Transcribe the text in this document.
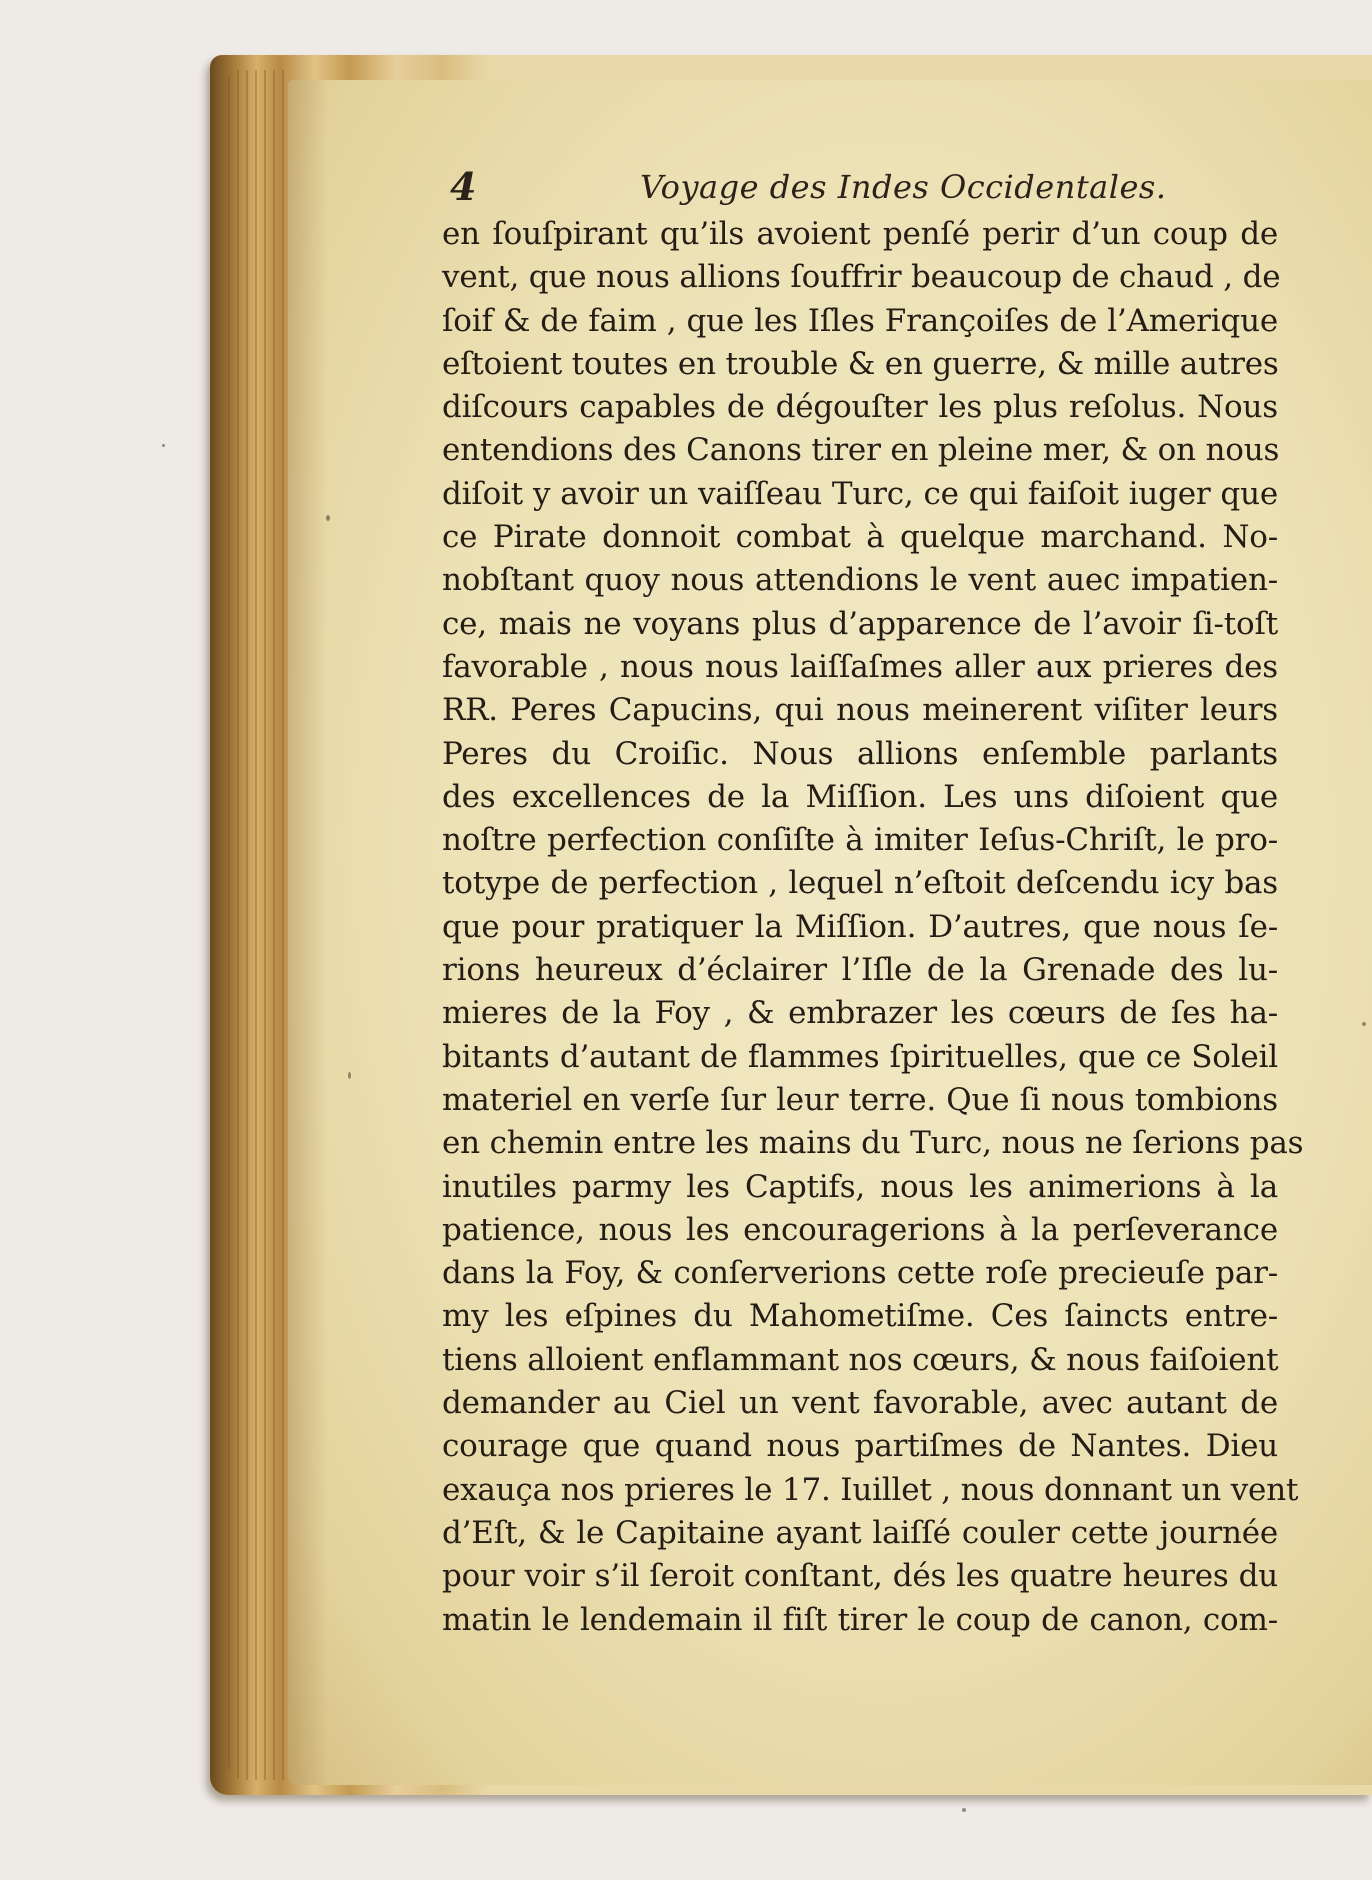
4	Voyage des Indes Occidentales.
en ſouſpirant qu’ils avoient penſé perir d’un coup de
vent, que nous allions ſouffrir beaucoup de chaud , de
ſoif & de faim , que les Iſles Françoiſes de l’Amerique
eſtoient toutes en trouble & en guerre, & mille autres
diſcours capables de dégouſter les plus reſolus. Nous
entendions des Canons tirer en pleine mer, & on nous
diſoit y avoir un vaiſſeau Turc, ce qui faiſoit iuger que
ce Pirate donnoit combat à quelque marchand. No-
nobſtant quoy nous attendions le vent auec impatien-
ce, mais ne voyans plus d’apparence de l’avoir ſi-toſt
favorable , nous nous laiſſaſmes aller aux prieres des
RR. Peres Capucins, qui nous meinerent viſiter leurs
Peres du Croiſic. Nous allions enſemble parlants
des excellences de la Miſſion. Les uns diſoient que
noſtre perfection conſiſte à imiter Ieſus-Chriſt, le pro-
totype de perfection , lequel n’eſtoit deſcendu icy bas
que pour pratiquer la Miſſion. D’autres, que nous ſe-
rions heureux d’éclairer l’Iſle de la Grenade des lu-
mieres de la Foy , & embrazer les cœurs de ſes ha-
bitants d’autant de flammes ſpirituelles, que ce Soleil
materiel en verſe ſur leur terre. Que ſi nous tombions
en chemin entre les mains du Turc, nous ne ſerions pas
inutiles parmy les Captifs, nous les animerions à la
patience, nous les encouragerions à la perſeverance
dans la Foy, & conſerverions cette roſe precieuſe par-
my les eſpines du Mahometiſme. Ces ſaincts entre-
tiens alloient enflammant nos cœurs, & nous faiſoient
demander au Ciel un vent favorable, avec autant de
courage que quand nous partiſmes de Nantes. Dieu
exauça nos prieres le 17. Iuillet , nous donnant un vent
d’Eſt, & le Capitaine ayant laiſſé couler cette journée
pour voir s’il ſeroit conſtant, dés les quatre heures du
matin le lendemain il fiſt tirer le coup de canon, com-
